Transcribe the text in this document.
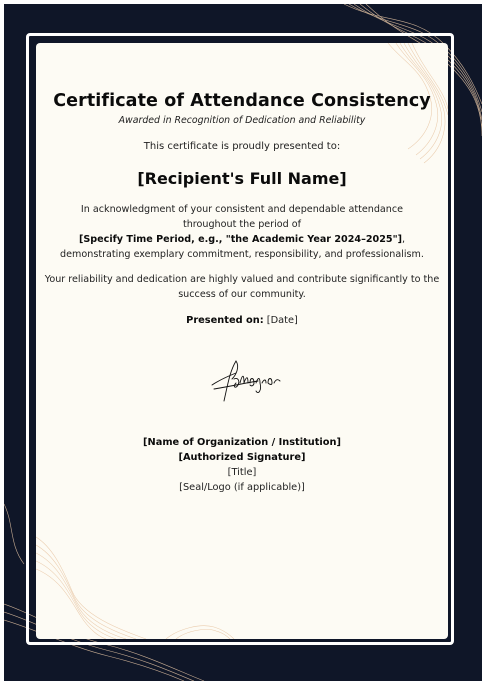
Certificate of Attendance Consistency
Awarded in Recognition of Dedication and Reliability
This certificate is proudly presented to:
[Recipient's Full Name]
In acknowledgment of your consistent and dependable attendance
throughout the period of
[Specify Time Period, e.g., "the Academic Year 2024–2025"],
demonstrating exemplary commitment, responsibility, and professionalism.
Your reliability and dedication are highly valued and contribute significantly to the success of our community.
Presented on: [Date]
[Name of Organization / Institution]
[Authorized Signature]
[Title]
[Seal/Logo (if applicable)]
